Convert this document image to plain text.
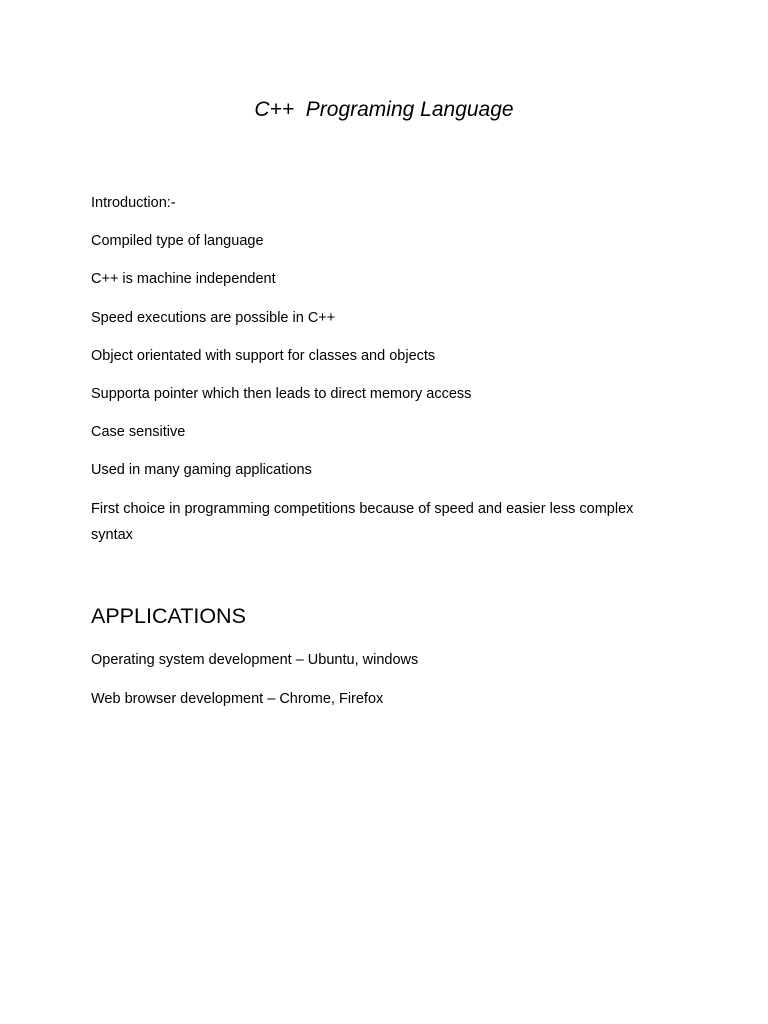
C++  Programing Language
Introduction:-
Compiled type of language
C++ is machine independent
Speed executions are possible in C++
Object orientated with support for classes and objects
Supporta pointer which then leads to direct memory access
Case sensitive
Used in many gaming applications
First choice in programming competitions because of speed and easier less complex syntax
APPLICATIONS
Operating system development – Ubuntu, windows
Web browser development – Chrome, Firefox
